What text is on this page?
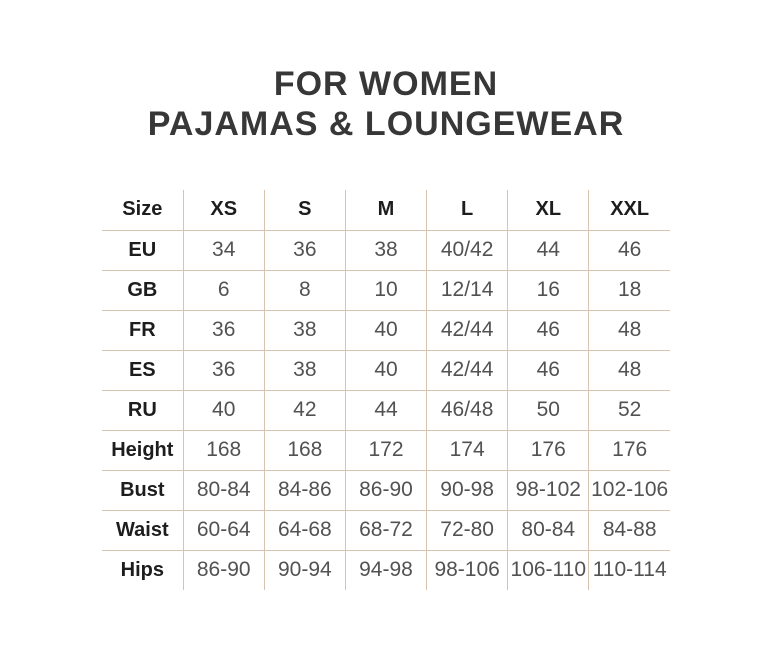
FOR WOMEN
PAJAMAS & LOUNGEWEAR
Size	XS	S	M	L	XL	XXL
EU	34	36	38	40/42	44	46
GB	6	8	10	12/14	16	18
FR	36	38	40	42/44	46	48
ES	36	38	40	42/44	46	48
RU	40	42	44	46/48	50	52
Height	168	168	172	174	176	176
Bust	80-84	84-86	86-90	90-98	98-102	102-106
Waist	60-64	64-68	68-72	72-80	80-84	84-88
Hips	86-90	90-94	94-98	98-106	106-110	110-114
